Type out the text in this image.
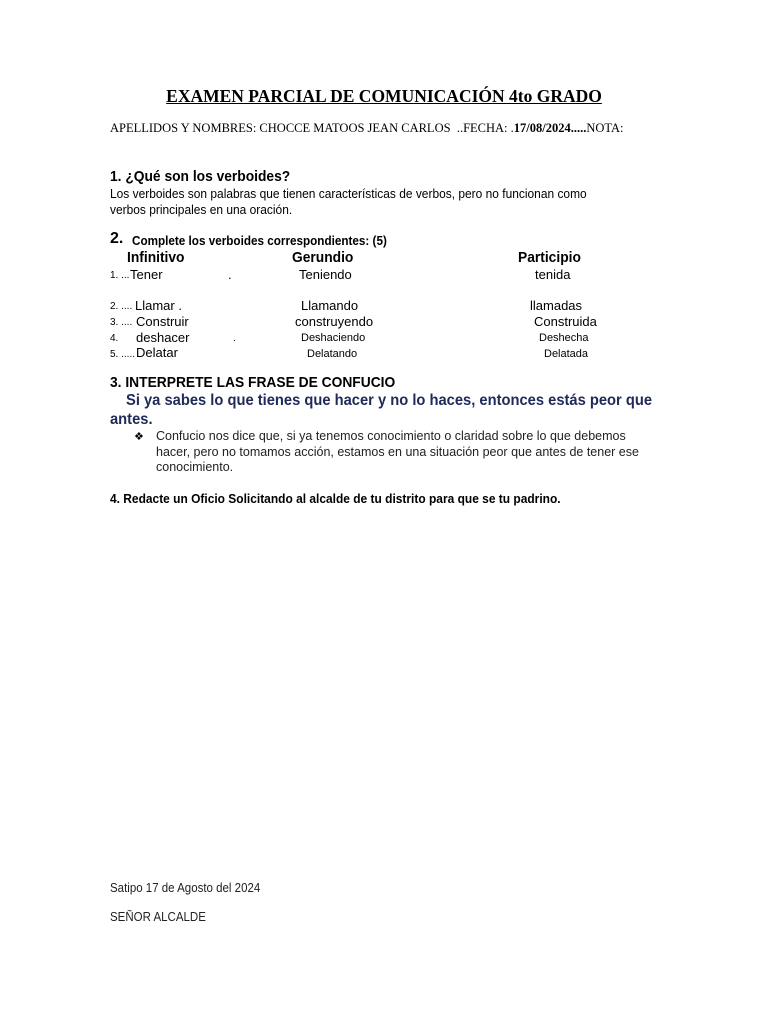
EXAMEN PARCIAL DE COMUNICACIÓN 4to GRADO
APELLIDOS Y NOMBRES: CHOCCE MATOOS JEAN CARLOS ..FECHA: .17/08/2024.....NOTA:
1. ¿Qué son los verboides?
Los verboides son palabras que tienen características de verbos, pero no funcionan como
verbos principales en una oración.
2. Complete los verboides correspondientes: (5)
Infinitivo	Gerundio	Participio
1. ... Tener	.	Teniendo	tenida
2. .... Llamar .	Llamando	llamadas
3. .... Construir	construyendo	Construida
4. deshacer	.	Deshaciendo	Deshecha
5. ..... Delatar	Delatando	Delatada
3. INTERPRETE LAS FRASE DE CONFUCIO
Si ya sabes lo que tienes que hacer y no lo haces, entonces estás peor que
antes.
❖ Confucio nos dice que, si ya tenemos conocimiento o claridad sobre lo que debemos hacer, pero no tomamos acción, estamos en una situación peor que antes de tener ese conocimiento.
4. Redacte un Oficio Solicitando al alcalde de tu distrito para que se tu padrino.
Satipo 17 de Agosto del 2024
SEÑOR ALCALDE
